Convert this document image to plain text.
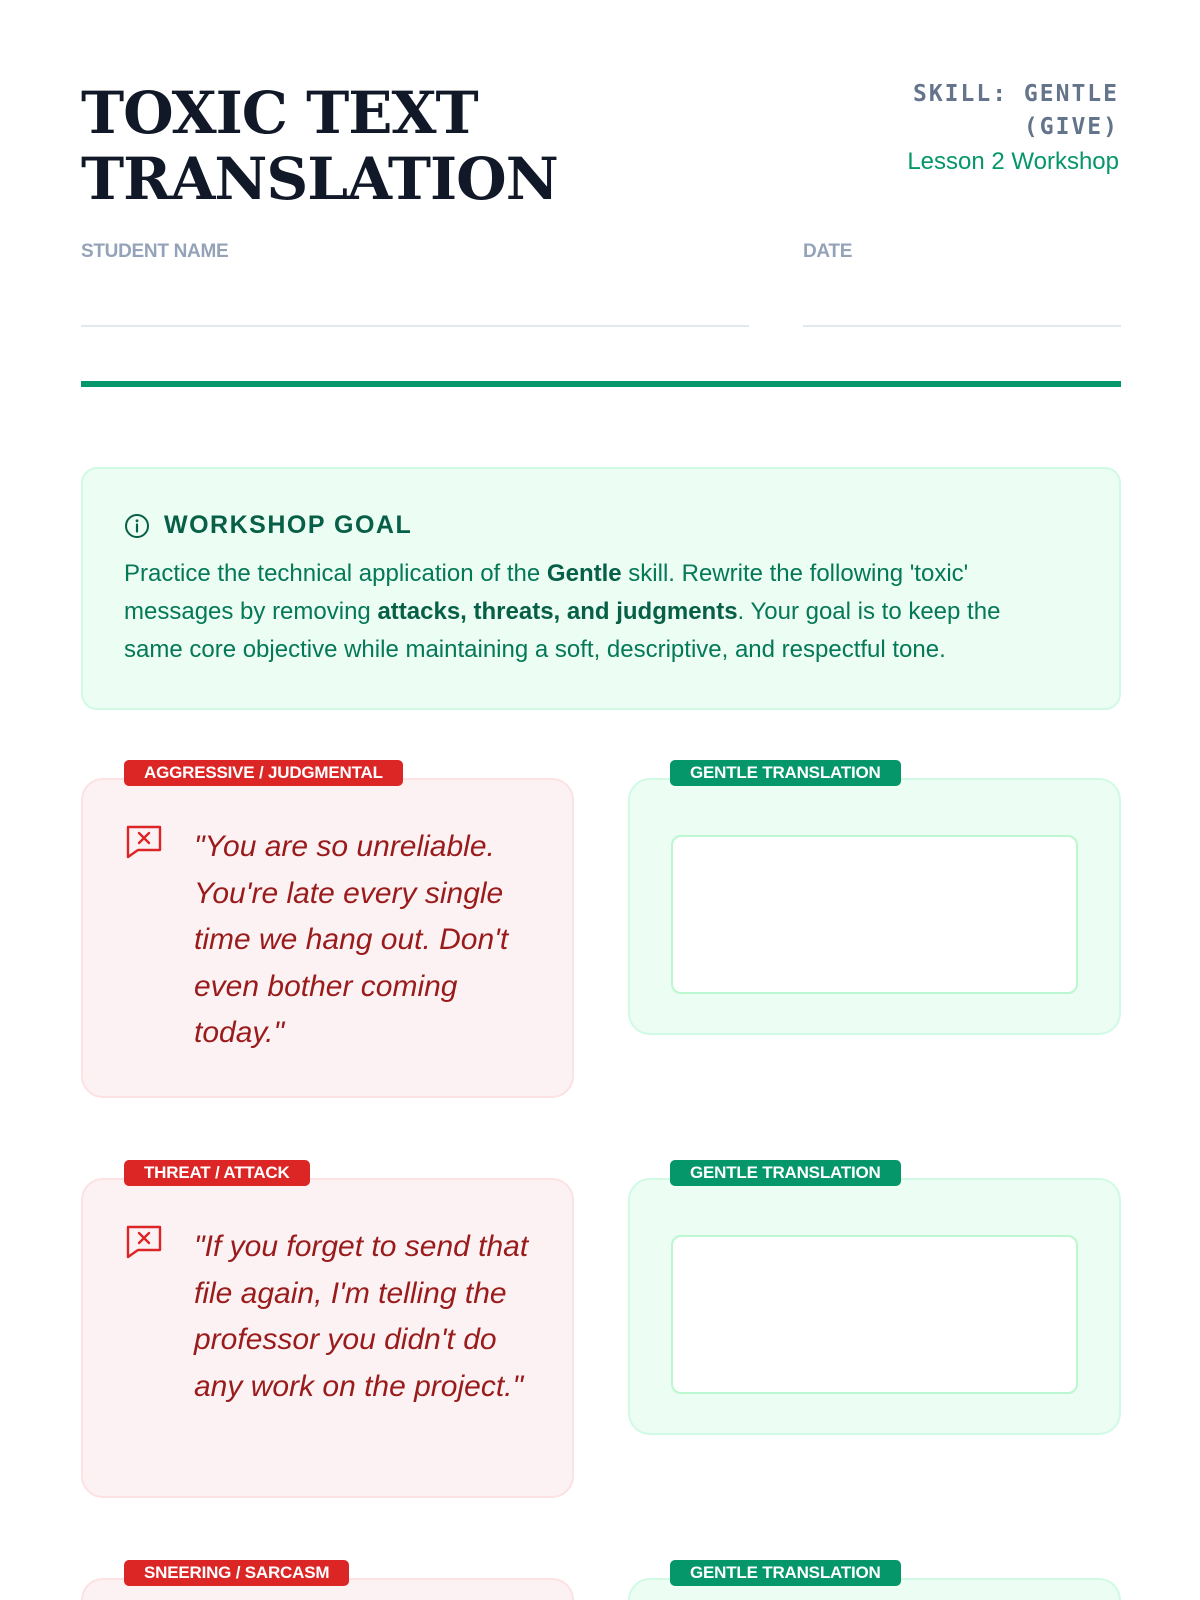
TOXIC TEXT
TRANSLATION
SKILL: GENTLE
(GIVE)
Lesson 2 Workshop
STUDENT NAME	DATE
WORKSHOP GOAL

Practice the technical application of the Gentle skill. Rewrite the following 'toxic' messages by removing attacks, threats, and judgments. Your goal is to keep the same core objective while maintaining a soft, descriptive, and respectful tone.

AGGRESSIVE / JUDGMENTAL

"You are so unreliable. You're late every single time we hang out. Don't even bother coming today."

GENTLE TRANSLATION
THREAT / ATTACK

"If you forget to send that file again, I'm telling the professor you didn't do any work on the project."

GENTLE TRANSLATION
SNEERING / SARCASM	GENTLE TRANSLATION
